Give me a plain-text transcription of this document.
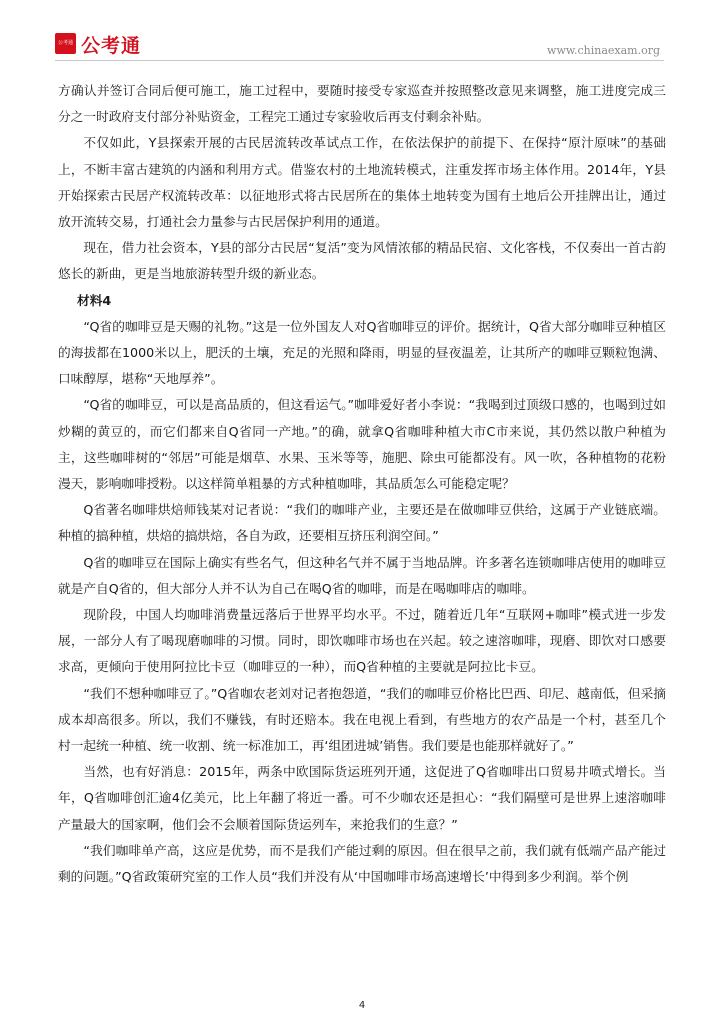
公考通 公考通	www.chinaexam.org

方确认并签订合同后便可施工，施工过程中，要随时接受专家巡查并按照整改意见来调整，施工进度完成三分之一时政府支付部分补贴资金，工程完工通过专家验收后再支付剩余补贴。

不仅如此，Y县探索开展的古民居流转改革试点工作，在依法保护的前提下、在保持“原汁原味”的基础上，不断丰富古建筑的内涵和利用方式。借鉴农村的土地流转模式，注重发挥市场主体作用。2014年，Y县开始探索古民居产权流转改革：以征地形式将古民居所在的集体土地转变为国有土地后公开挂牌出让，通过放开流转交易，打通社会力量参与古民居保护利用的通道。

现在，借力社会资本，Y县的部分古民居“复活”变为风情浓郁的精品民宿、文化客栈，不仅奏出一首古韵悠长的新曲，更是当地旅游转型升级的新业态。

材料4

“Q省的咖啡豆是天赐的礼物。”这是一位外国友人对Q省咖啡豆的评价。据统计，Q省大部分咖啡豆种植区的海拔都在1000米以上，肥沃的土壤，充足的光照和降雨，明显的昼夜温差，让其所产的咖啡豆颗粒饱满、口味醇厚，堪称“天地厚养”。

“Q省的咖啡豆，可以是高品质的，但这看运气。”咖啡爱好者小李说：“我喝到过顶级口感的，也喝到过如炒糊的黄豆的，而它们都来自Q省同一产地。”的确，就拿Q省咖啡种植大市C市来说，其仍然以散户种植为主，这些咖啡树的“邻居”可能是烟草、水果、玉米等等，施肥、除虫可能都没有。风一吹，各种植物的花粉漫天，影响咖啡授粉。以这样简单粗暴的方式种植咖啡，其品质怎么可能稳定呢？

Q省著名咖啡烘焙师钱某对记者说：“我们的咖啡产业，主要还是在做咖啡豆供给，这属于产业链底端。种植的搞种植，烘焙的搞烘焙，各自为政，还要相互挤压利润空间。”

Q省的咖啡豆在国际上确实有些名气，但这种名气并不属于当地品牌。许多著名连锁咖啡店使用的咖啡豆就是产自Q省的，但大部分人并不认为自己在喝Q省的咖啡，而是在喝咖啡店的咖啡。

现阶段，中国人均咖啡消费量远落后于世界平均水平。不过，随着近几年“互联网+咖啡”模式进一步发展，一部分人有了喝现磨咖啡的习惯。同时，即饮咖啡市场也在兴起。较之速溶咖啡，现磨、即饮对口感要求高，更倾向于使用阿拉比卡豆（咖啡豆的一种），而Q省种植的主要就是阿拉比卡豆。

“我们不想种咖啡豆了。”Q省咖农老刘对记者抱怨道，“我们的咖啡豆价格比巴西、印尼、越南低，但采摘成本却高很多。所以，我们不赚钱，有时还赔本。我在电视上看到，有些地方的农产品是一个村，甚至几个村一起统一种植、统一收割、统一标准加工，再‘组团进城’销售。我们要是也能那样就好了。”

当然，也有好消息：2015年，两条中欧国际货运班列开通，这促进了Q省咖啡出口贸易井喷式增长。当年，Q省咖啡创汇逾4亿美元，比上年翻了将近一番。可不少咖农还是担心：“我们隔壁可是世界上速溶咖啡产量最大的国家啊，他们会不会顺着国际货运列车，来抢我们的生意？”

“我们咖啡单产高，这应是优势，而不是我们产能过剩的原因。但在很早之前，我们就有低端产品产能过剩的问题。”Q省政策研究室的工作人员“我们并没有从‘中国咖啡市场高速增长’中得到多少利润。举个例

4
